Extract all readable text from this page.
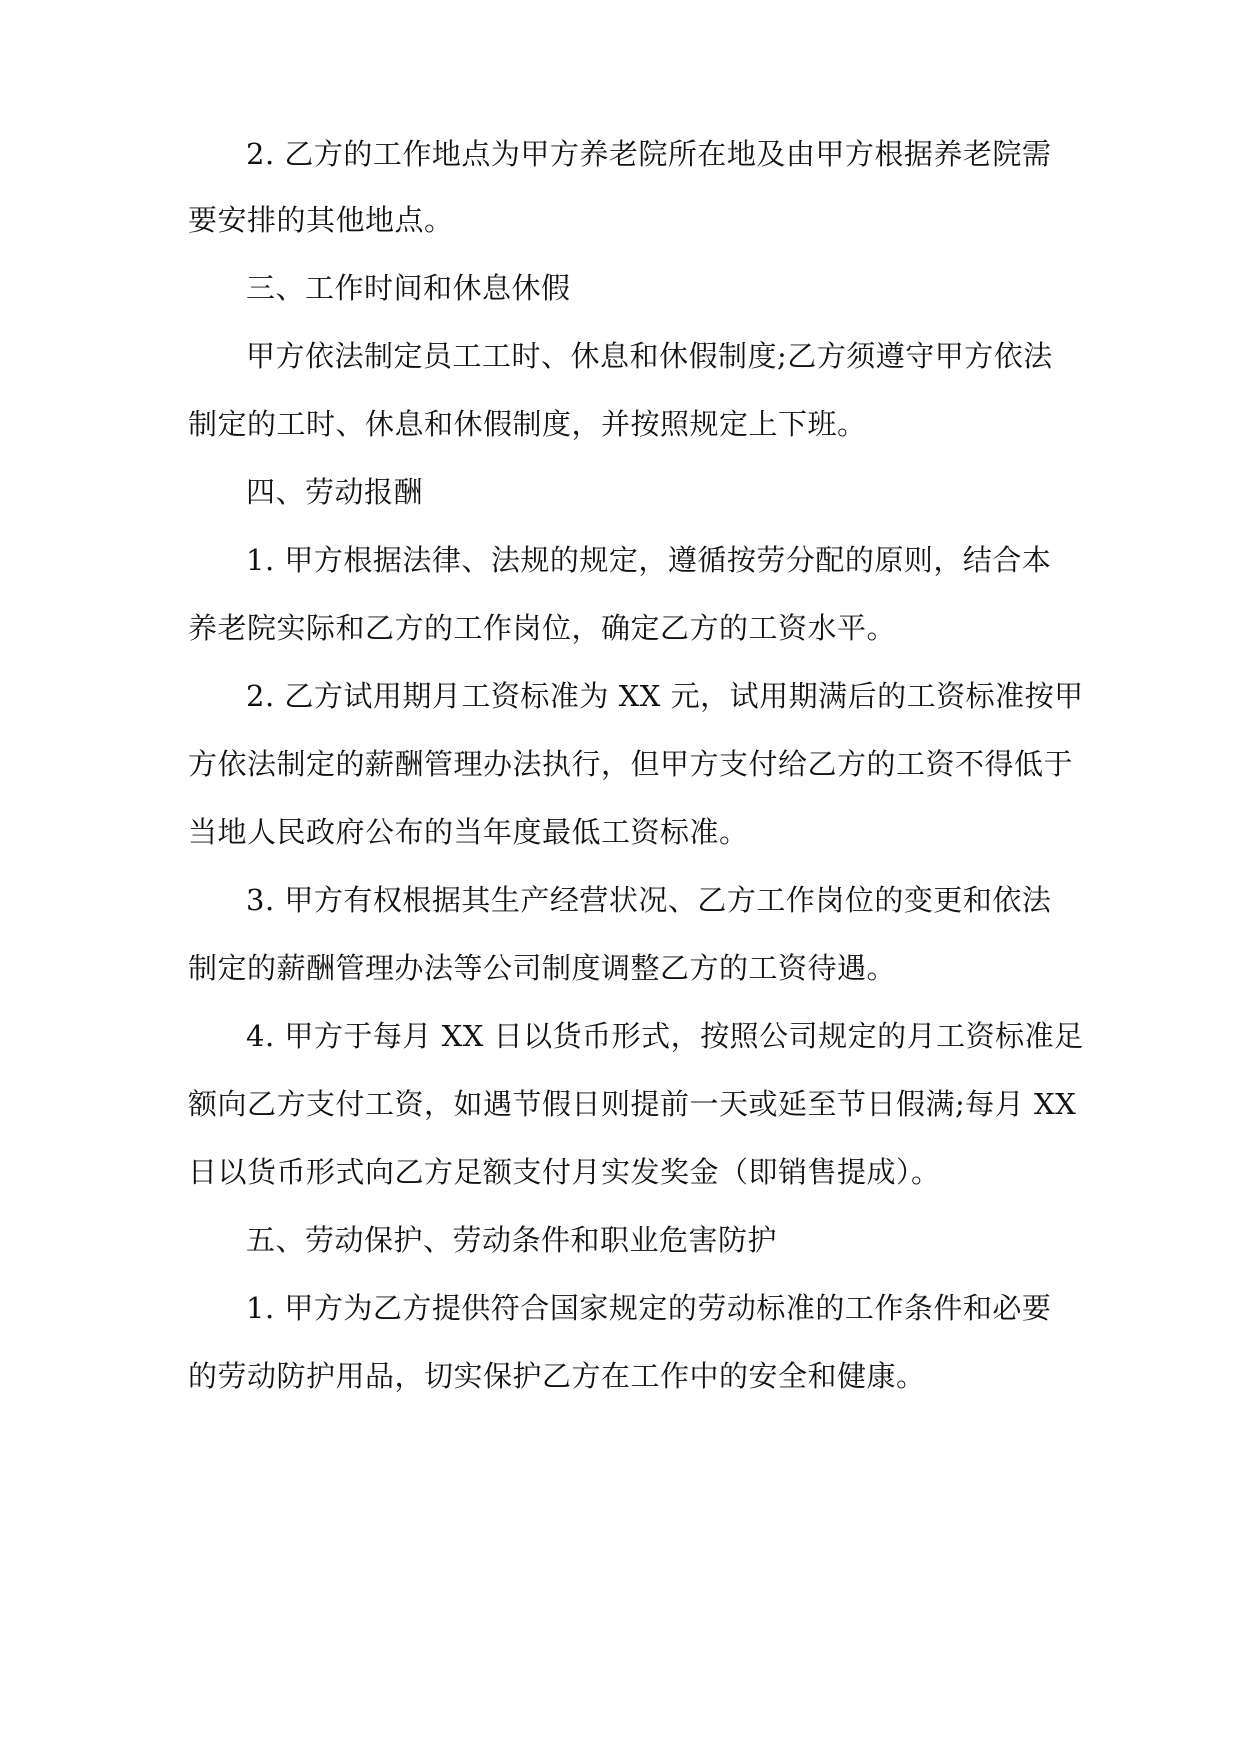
2. 乙方的工作地点为甲方养老院所在地及由甲方根据养老院需

要安排的其他地点。

三、工作时间和休息休假

甲方依法制定员工工时、休息和休假制度;乙方须遵守甲方依法

制定的工时、休息和休假制度，并按照规定上下班。

四、劳动报酬

1. 甲方根据法律、法规的规定，遵循按劳分配的原则，结合本

养老院实际和乙方的工作岗位，确定乙方的工资水平。

2. 乙方试用期月工资标准为 XX 元，试用期满后的工资标准按甲

方依法制定的薪酬管理办法执行，但甲方支付给乙方的工资不得低于

当地人民政府公布的当年度最低工资标准。

3. 甲方有权根据其生产经营状况、乙方工作岗位的变更和依法

制定的薪酬管理办法等公司制度调整乙方的工资待遇。

4. 甲方于每月 XX 日以货币形式，按照公司规定的月工资标准足

额向乙方支付工资，如遇节假日则提前一天或延至节日假满;每月 XX

日以货币形式向乙方足额支付月实发奖金（即销售提成）。

五、劳动保护、劳动条件和职业危害防护

1. 甲方为乙方提供符合国家规定的劳动标准的工作条件和必要

的劳动防护用品，切实保护乙方在工作中的安全和健康。
